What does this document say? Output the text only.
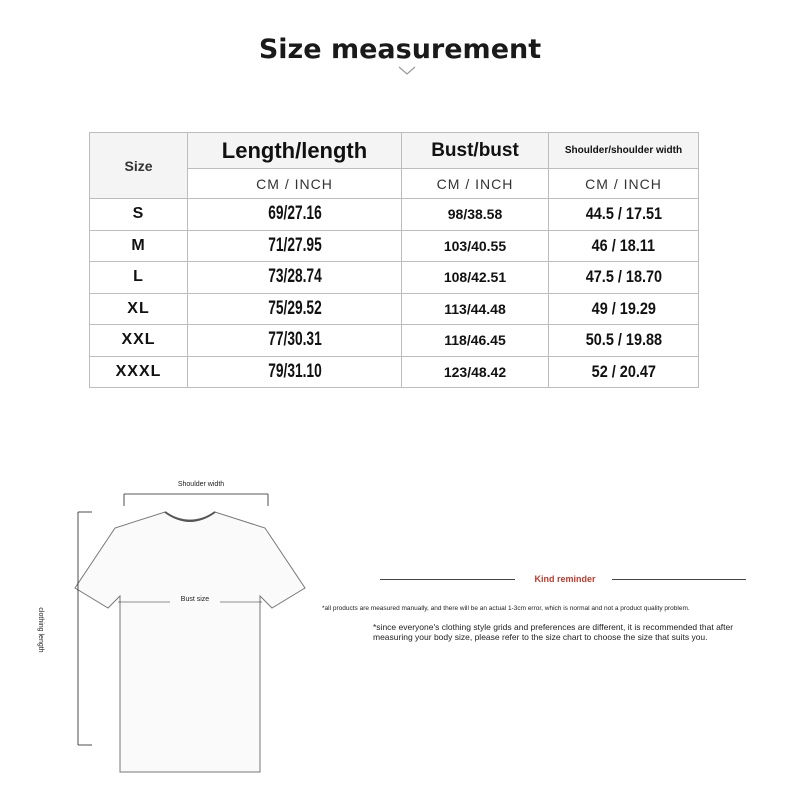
Size measurement
Size	Length/length	Bust/bust	Shoulder/shoulder width
	CM / INCH	CM / INCH	CM / INCH
S	69/27.16	98/38.58	44.5 / 17.51
M	71/27.95	103/40.55	46 / 18.11
L	73/28.74	108/42.51	47.5 / 18.70
XL	75/29.52	113/44.48	49 / 19.29
XXL	77/30.31	118/46.45	50.5 / 19.88
XXXL	79/31.10	123/48.42	52 / 20.47
Shoulder width
Bust size
clothing length
Kind reminder
*all products are measured manually, and there will be an actual 1-3cm error, which is normal and not a product quality problem.
*since everyone's clothing style grids and preferences are different, it is recommended that after measuring your body size, please refer to the size chart to choose the size that suits you.
